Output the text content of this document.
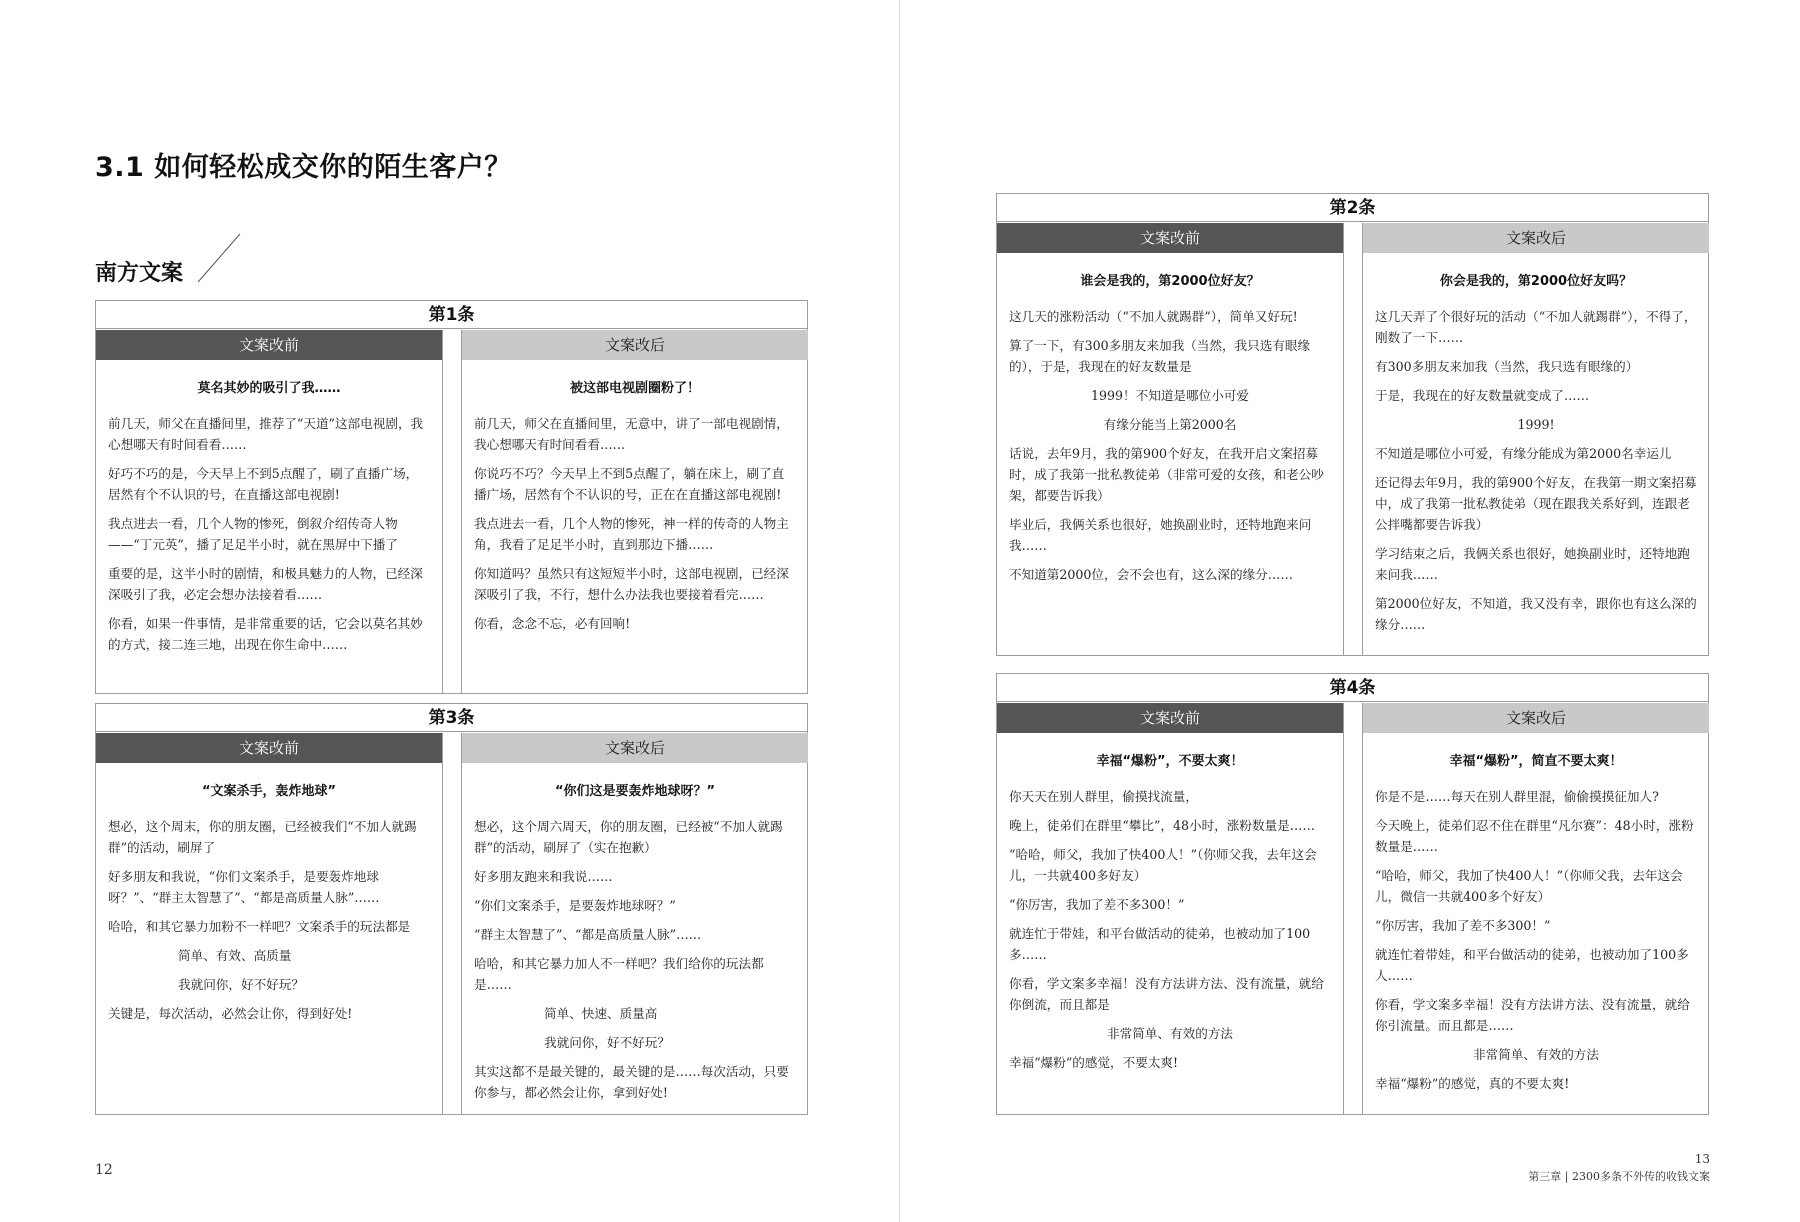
3.1 如何轻松成交你的陌生客户？
南方文案
第1条
文案改前
莫名其妙的吸引了我……

前几天，师父在直播间里，推荐了“天道”这部电视剧，我心想哪天有时间看看……

好巧不巧的是，今天早上不到5点醒了，刷了直播广场，居然有个不认识的号，在直播这部电视剧!

我点进去一看，几个人物的惨死，倒叙介绍传奇人物——“丁元英”，播了足足半小时，就在黑屏中下播了

重要的是，这半小时的剧情，和极具魅力的人物，已经深深吸引了我，必定会想办法接着看……

你看，如果一件事情，是非常重要的话，它会以莫名其妙的方式，接二连三地，出现在你生命中……

文案改后
被这部电视剧圈粉了！

前几天，师父在直播间里，无意中，讲了一部电视剧情，我心想哪天有时间看看……

你说巧不巧？今天早上不到5点醒了，躺在床上，刷了直播广场，居然有个不认识的号，正在在直播这部电视剧!

我点进去一看，几个人物的惨死，神一样的传奇的人物主角，我看了足足半小时，直到那边下播……

你知道吗？虽然只有这短短半小时，这部电视剧，已经深深吸引了我，不行，想什么办法我也要接着看完……

你看，念念不忘，必有回响!

第3条
文案改前
“文案杀手，轰炸地球”

想必，这个周末，你的朋友圈，已经被我们“不加人就踢群”的活动，刷屏了

好多朋友和我说，“你们文案杀手，是要轰炸地球呀？”、“群主太智慧了”、“都是高质量人脉”……

哈哈，和其它暴力加粉不一样吧？文案杀手的玩法都是

简单、有效、高质量

我就问你，好不好玩？

关键是，每次活动，必然会让你，得到好处!

文案改后
“你们这是要轰炸地球呀？”

想必，这个周六周天，你的朋友圈，已经被“不加人就踢群”的活动，刷屏了（实在抱歉）

好多朋友跑来和我说……

“你们文案杀手，是要轰炸地球呀？”

“群主太智慧了”、“都是高质量人脉”……

哈哈，和其它暴力加人不一样吧？我们给你的玩法都是……

简单、快速、质量高

我就问你，好不好玩？

其实这都不是最关键的，最关键的是……每次活动，只要你参与，都必然会让你，拿到好处!

12
第2条
文案改前
谁会是我的，第2000位好友？

这几天的涨粉活动（“不加人就踢群”），简单又好玩!

算了一下，有300多朋友来加我（当然，我只选有眼缘的），于是，我现在的好友数量是

1999！不知道是哪位小可爱

有缘分能当上第2000名

话说，去年9月，我的第900个好友，在我开启文案招募时，成了我第一批私教徒弟（非常可爱的女孩，和老公吵架，都要告诉我）

毕业后，我俩关系也很好，她换副业时，还特地跑来问我……

不知道第2000位，会不会也有，这么深的缘分……

文案改后
你会是我的，第2000位好友吗？

这几天弄了个很好玩的活动（“不加人就踢群”），不得了，刚数了一下……

有300多朋友来加我（当然，我只选有眼缘的）

于是，我现在的好友数量就变成了……

1999!

不知道是哪位小可爱，有缘分能成为第2000名幸运儿

还记得去年9月，我的第900个好友，在我第一期文案招募中，成了我第一批私教徒弟（现在跟我关系好到，连跟老公拌嘴都要告诉我）

学习结束之后，我俩关系也很好，她换副业时，还特地跑来问我……

第2000位好友，不知道，我又没有幸，跟你也有这么深的缘分……

第4条
文案改前
幸福“爆粉”，不要太爽！

你天天在别人群里，偷摸找流量，

晚上，徒弟们在群里“攀比”，48小时，涨粉数量是……

“哈哈，师父，我加了快400人！”（你师父我，去年这会儿，一共就400多好友）

“你厉害，我加了差不多300！”

就连忙于带娃，和平台做活动的徒弟，也被动加了100多……

你看，学文案多幸福！没有方法讲方法、没有流量，就给你倒流，而且都是

非常简单、有效的方法

幸福“爆粉”的感觉，不要太爽!

文案改后
幸福“爆粉”，简直不要太爽！

你是不是……每天在别人群里混，偷偷摸摸征加人?

今天晚上，徒弟们忍不住在群里“凡尔赛”：48小时，涨粉数量是……

“哈哈，师父，我加了快400人！”（你师父我，去年这会儿，微信一共就400多个好友）

“你厉害，我加了差不多300！”

就连忙着带娃，和平台做活动的徒弟，也被动加了100多人……

你看，学文案多幸福！没有方法讲方法、没有流量，就给你引流量。而且都是……

非常简单、有效的方法

幸福“爆粉”的感觉，真的不要太爽!

13
第三章 | 2300多条不外传的收钱文案
